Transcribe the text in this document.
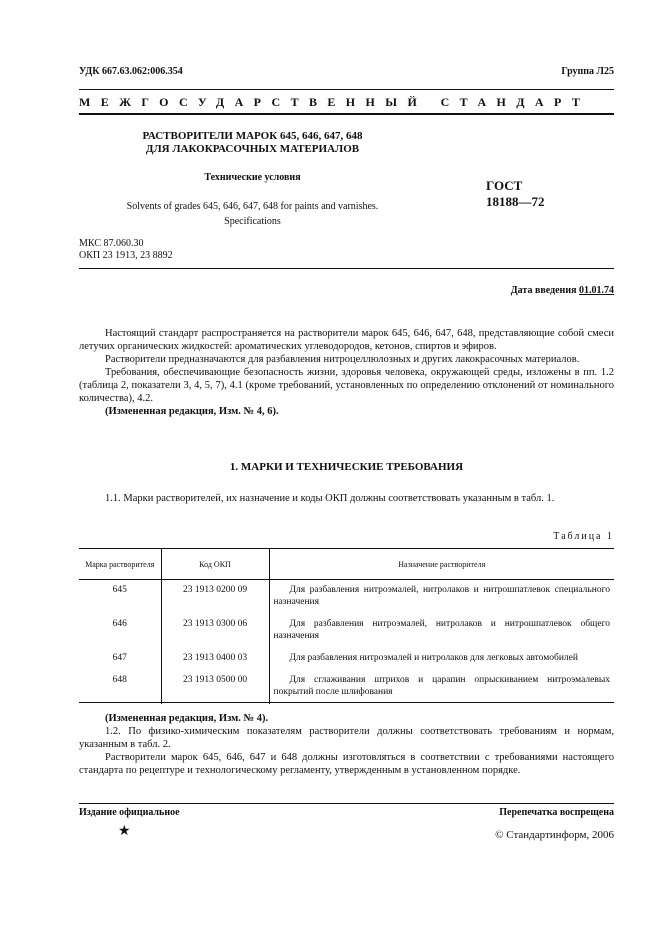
УДК 667.63.062:006.354	Группа Л25
МЕЖГОСУДАРСТВЕННЫЙ СТАНДАРТ
РАСТВОРИТЕЛИ МАРОК 645, 646, 647, 648
ДЛЯ ЛАКОКРАСОЧНЫХ МАТЕРИАЛОВ
Технические условия
Solvents of grades 645, 646, 647, 648 for paints and varnishes.
Specifications
ГОСТ
18188—72
МКС 87.060.30
ОКП 23 1913, 23 8892
Дата введения 01.01.74

Настоящий стандарт распространяется на растворители марок 645, 646, 647, 648, представляющие собой смеси летучих органических жидкостей: ароматических углеводородов, кетонов, спиртов и эфиров.

Растворители предназначаются для разбавления нитроцеллюлозных и других лакокрасочных материалов.

Требования, обеспечивающие безопасность жизни, здоровья человека, окружающей среды, изложены в пп. 1.2 (таблица 2, показатели 3, 4, 5, 7), 4.1 (кроме требований, установленных по определению отклонений от номинального количества), 4.2.

(Измененная редакция, Изм. № 4, 6).

1. МАРКИ И ТЕХНИЧЕСКИЕ ТРЕБОВАНИЯ

1.1. Марки растворителей, их назначение и коды ОКП должны соответствовать указанным в табл. 1.

Таблица 1
Марка растворителя	Код ОКП	Назначение растворителя
645	23 1913 0200 09	Для разбавления нитроэмалей, нитролаков и нитрошпатлевок специального назначения
646	23 1913 0300 06	Для разбавления нитроэмалей, нитролаков и нитрошпатлевок общего назначения
647	23 1913 0400 03	Для разбавления нитроэмалей и нитролаков для легковых автомобилей
648	23 1913 0500 00	Для сглаживания штрихов и царапин опрыскиванием нитроэмалевых покрытий после шлифования

(Измененная редакция, Изм. № 4).

1.2. По физико-химическим показателям растворители должны соответствовать требованиям и нормам, указанным в табл. 2.

Растворители марок 645, 646, 647 и 648 должны изготовляться в соответствии с требованиями настоящего стандарта по рецептуре и технологическому регламенту, утвержденным в установленном порядке.

Издание официальное	Перепечатка воспрещена
★	© Стандартинформ, 2006
